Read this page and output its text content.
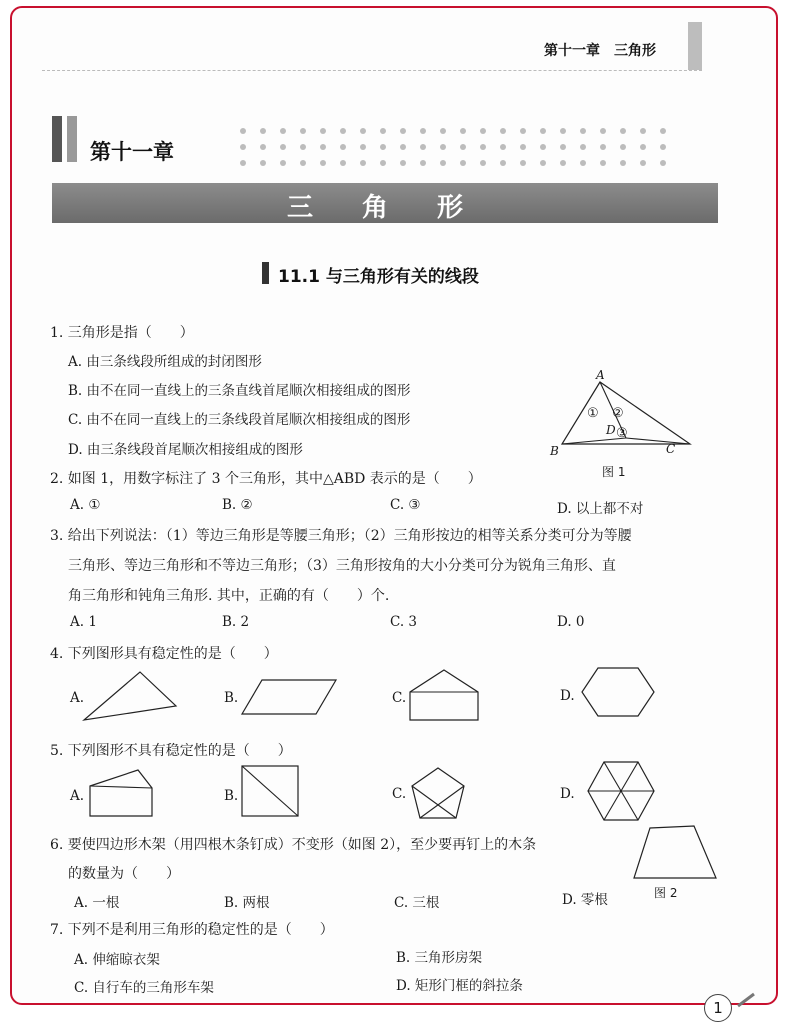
第十一章　三角形
第十一章
三 角 形
11.1 与三角形有关的线段
1. 三角形是指（　　）
A. 由三条线段所组成的封闭图形
B. 由不在同一直线上的三条直线首尾顺次相接组成的图形
C. 由不在同一直线上的三条线段首尾顺次相接组成的图形
D. 由三条线段首尾顺次相接组成的图形
A
B	C
D
① ②
③
图 1
2. 如图 1，用数字标注了 3 个三角形，其中△ABD 表示的是（　　）
A. ①	B. ②	C. ③	D. 以上都不对
3. 给出下列说法：（1）等边三角形是等腰三角形；（2）三角形按边的相等关系分类可分为等腰
三角形、等边三角形和不等边三角形；（3）三角形按角的大小分类可分为锐角三角形、直
角三角形和钝角三角形. 其中，正确的有（　　）个.
A. 1	B. 2	C. 3	D. 0
4. 下列图形具有稳定性的是（　　）
A.	B.	C.	D.
5. 下列图形不具有稳定性的是（　　）
A.	B.	C.	D.
6. 要使四边形木架（用四根木条钉成）不变形（如图 2），至少要再钉上的木条
的数量为（　　）
A. 一根	B. 两根	C. 三根	D. 零根	图 2
7. 下列不是利用三角形的稳定性的是（　　）
A. 伸缩晾衣架	B. 三角形房架
C. 自行车的三角形车架	D. 矩形门框的斜拉条
1
